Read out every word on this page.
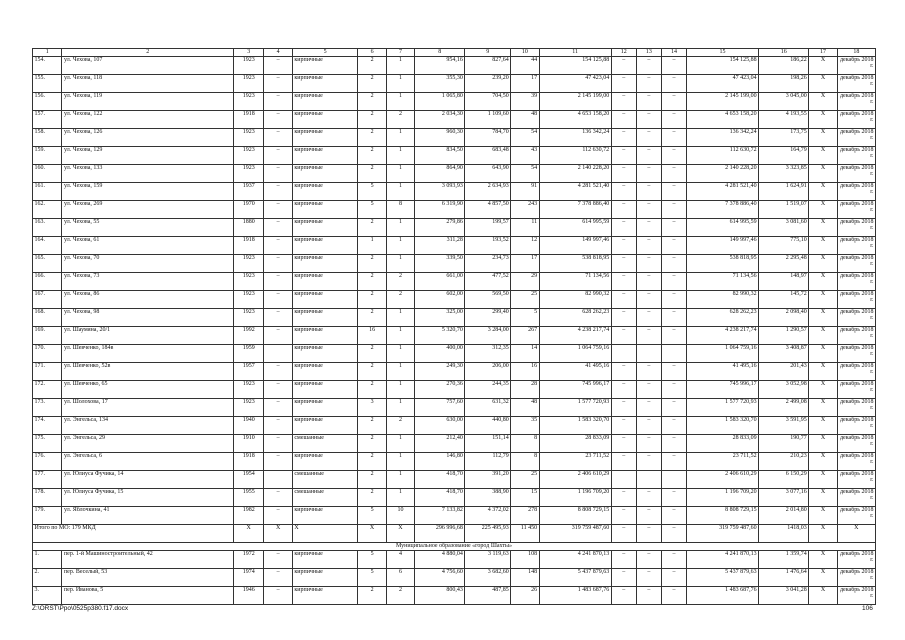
1	2	3	4	5	6	7	8	9	10	11	12	13	14	15	16	17	18
154.	ул. Чехова, 107	1923	–	кирпичные	2	1	954,16	827,64	44	154 125,88	–	–	–	154 125,88	186,22	X	декабрь 2018 г.
155.	ул. Чехова, 118	1923	–	кирпичные	2	1	355,30	239,20	17	47 423,04	–	–	–	47 423,04	198,26	X	декабрь 2018 г.
156.	ул. Чехова, 119	1923	–	кирпичные	2	1	1 065,80	704,50	39	2 145 199,00	–	–	–	2 145 199,00	3 045,00	X	декабрь 2018 г.
157.	ул. Чехова, 122	1918	–	кирпичные	2	2	2 034,30	1 109,60	48	4 653 158,20	–	–	–	4 653 158,20	4 193,55	X	декабрь 2018 г.
158.	ул. Чехова, 126	1923	–	кирпичные	2	1	960,30	784,70	54	136 342,24	–	–	–	136 342,24	173,75	X	декабрь 2018 г.
159.	ул. Чехова, 129	1923	–	кирпичные	2	1	834,50	683,48	43	112 630,72	–	–	–	112 630,72	164,79	X	декабрь 2018 г.
160.	ул. Чехова, 133	1923	–	кирпичные	2	1	864,90	643,90	54	2 140 228,20	–	–	–	2 140 228,20	3 323,85	X	декабрь 2018 г.
161.	ул. Чехова, 159	1937	–	кирпичные	5	1	3 093,93	2 634,93	91	4 281 521,40	–	–	–	4 281 521,40	1 624,91	X	декабрь 2018 г.
162.	ул. Чехова, 269	1970	–	кирпичные	5	8	6 319,90	4 857,50	243	7 378 886,40	–	–	–	7 378 886,40	1 519,07	X	декабрь 2018 г.
163.	ул. Чехова, 55	1880	–	кирпичные	2	1	279,86	199,57	11	614 995,59	–	–	–	614 995,59	3 081,60	X	декабрь 2018 г.
164.	ул. Чехова, 61	1918	–	кирпичные	1	1	311,28	193,52	12	149 997,46	–	–	–	149 997,46	775,10	X	декабрь 2018 г.
165.	ул. Чехова, 70	1923	–	кирпичные	2	1	339,50	234,73	17	538 818,95	–	–	–	538 818,95	2 295,48	X	декабрь 2018 г.
166.	ул. Чехова, 73	1923	–	кирпичные	2	2	661,00	477,52	29	71 134,56	–	–	–	71 134,56	148,97	X	декабрь 2018 г.
167.	ул. Чехова, 86	1923	–	кирпичные	2	2	602,00	569,50	25	82 990,32	–	–	–	82 990,32	145,72	X	декабрь 2018 г.
168.	ул. Чехова, 98	1923	–	кирпичные	2	1	325,00	299,40	5	628 262,23	–	–	–	628 262,23	2 098,40	X	декабрь 2018 г.
169.	ул. Шаумяна, 20/1	1992	–	кирпичные	16	1	5 320,70	3 284,00	267	4 238 217,74	–	–	–	4 238 217,74	1 290,57	X	декабрь 2018 г.
170.	ул. Шевченко, 184в	1959		кирпичные	2	1	400,00	312,35	14	1 064 759,16				1 064 759,16	3 408,87	X	декабрь 2018 г.
171.	ул. Шевченко, 52в	1957	–	кирпичные	2	1	249,30	206,00	16	41 495,16	–	–	–	41 495,16	201,43	X	декабрь 2018 г.
172.	ул. Шевченко, 65	1923	–	кирпичные	2	1	270,36	244,35	28	745 996,17	–	–	–	745 996,17	3 052,98	X	декабрь 2018 г.
173.	ул. Шолохова, 17	1923	–	кирпичные	3	1	757,60	631,32	48	1 577 720,93	–	–	–	1 577 720,93	2 499,08	X	декабрь 2018 г.
174.	ул. Энгельса, 134	1940	–	кирпичные	2	2	630,00	440,80	35	1 583 320,70	–	–	–	1 583 320,70	3 591,95	X	декабрь 2018 г.
175.	ул. Энгельса, 29	1910	–	смешанные	2	1	212,40	151,14	8	28 833,09	–	–	–	28 833,09	190,77	X	декабрь 2018 г.
176.	ул. Энгельса, 6	1918	–	кирпичные	2	1	146,80	112,79	8	23 711,52	–	–	–	23 711,52	210,23	X	декабрь 2018 г.
177.	ул. Юлиуса Фучика, 14	1954		смешанные	2	1	418,70	391,20	25	2 406 610,29				2 406 610,29	6 150,29	X	декабрь 2018 г.
178.	ул. Юлиуса Фучика, 15	1955	–	смешанные	2	1	418,70	388,90	15	1 196 709,20	–	–	–	1 196 709,20	3 077,16	X	декабрь 2018 г.
179.	ул. Яблочкина, 41	1982	–	кирпичные	5	10	7 133,82	4 372,02	278	8 808 729,15	–	–	–	8 808 729,15	2 014,80	X	декабрь 2018 г.
Итого по МО: 179 МКД		X	X	X	X	X	296 996,68	225 495,93	11 450	319 759 487,60	–	–	–	319 759 487,60	1418,03	X	X
Муниципальное образование «город Шахты»																	
1.	пер. 1-й Машиностроительный, 42	1972	–	кирпичные	5	4	4 880,04	3 119,63	108	4 241 870,13	–	–	–	4 241 870,13	1 359,74	X	декабрь 2018 г.
2.	пер. Веселый, 53	1974	–	кирпичные	5	6	4 756,60	3 682,60	148	5 437 879,63	–	–	–	5 437 879,63	1 476,64	X	декабрь 2018 г.
3.	пер. Иванова, 5	1946	–	кирпичные	2	2	800,43	487,85	26	1 483 687,76	–	–	–	1 483 687,76	3 041,28	X	декабрь 2018 г.
Z:\ORST\Ppo\0525p380.f17.docx	106
